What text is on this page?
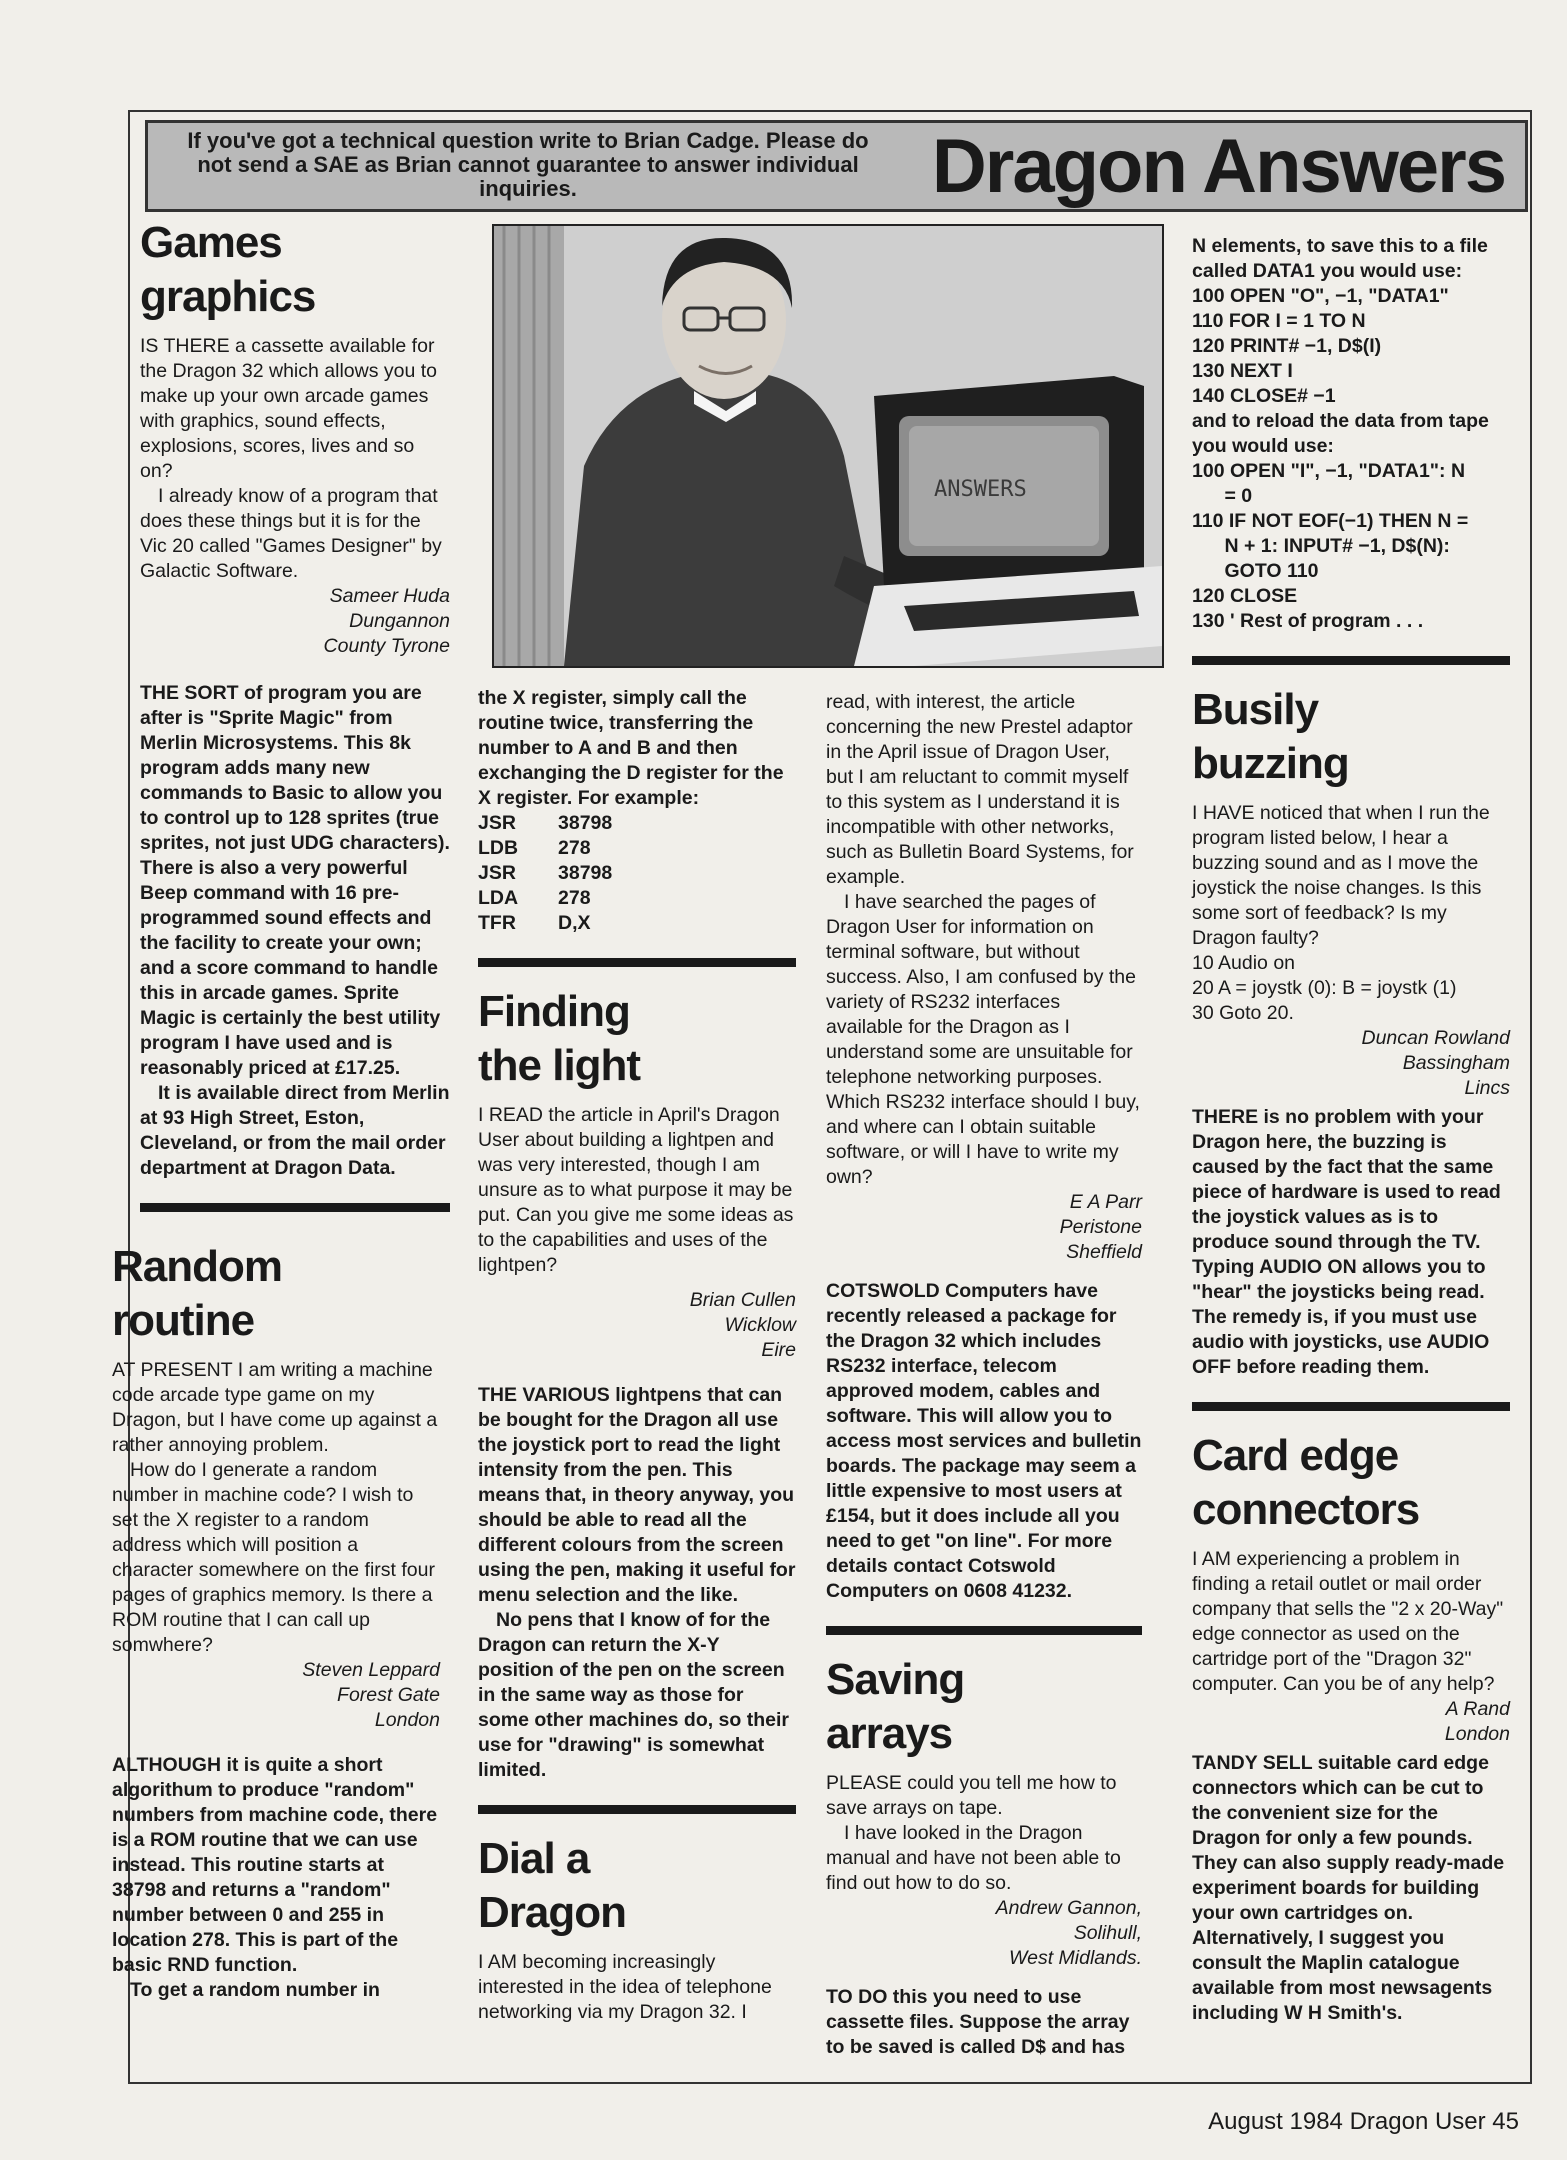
If you've got a technical question write to Brian Cadge. Please do not send a SAE as Brian cannot guarantee to answer individual inquiries.	Dragon Answers
ANSWERS
Games
graphics

IS THERE a cassette available for the Dragon 32 which allows you to make up your own arcade games with graphics, sound effects, explosions, scores, lives and so on?

I already know of a program that does these things but it is for the Vic 20 called "Games Designer" by Galactic Software.

Sameer Huda

Dungannon

County Tyrone

THE SORT of program you are after is "Sprite Magic" from Merlin Microsystems. This 8k program adds many new commands to Basic to allow you to control up to 128 sprites (true sprites, not just UDG characters). There is also a very powerful Beep command with 16 pre-programmed sound effects and the facility to create your own; and a score command to handle this in arcade games. Sprite Magic is certainly the best utility program I have used and is reasonably priced at £17.25.

It is available direct from Merlin at 93 High Street, Eston, Cleveland, or from the mail order department at Dragon Data.

Random
routine

AT PRESENT I am writing a machine code arcade type game on my Dragon, but I have come up against a rather annoying problem.

How do I generate a random number in machine code? I wish to set the X register to a random address which will position a character somewhere on the first four pages of graphics memory. Is there a ROM routine that I can call up somwhere?

Steven Leppard

Forest Gate

London

ALTHOUGH it is quite a short algorithum to produce "random" numbers from machine code, there is a ROM routine that we can use instead. This routine starts at 38798 and returns a "random" number between 0 and 255 in location 278. This is part of the basic RND function.

To get a random number in

the X register, simply call the routine twice, transferring the number to A and B and then exchanging the D register for the X register. For example:

JSR 38798
LDB 278
JSR 38798
LDA 278
TFR D,X
Finding
the light

I READ the article in April's Dragon User about building a lightpen and was very interested, though I am unsure as to what purpose it may be put. Can you give me some ideas as to the capabilities and uses of the lightpen?

Brian Cullen

Wicklow

Eire

THE VARIOUS lightpens that can be bought for the Dragon all use the joystick port to read the light intensity from the pen. This means that, in theory anyway, you should be able to read all the different colours from the screen using the pen, making it useful for menu selection and the like.

No pens that I know of for the Dragon can return the X-Y position of the pen on the screen in the same way as those for some other machines do, so their use for "drawing" is somewhat limited.

Dial a
Dragon

I AM becoming increasingly interested in the idea of telephone networking via my Dragon 32. I

read, with interest, the article concerning the new Prestel adaptor in the April issue of Dragon User, but I am reluctant to commit myself to this system as I understand it is incompatible with other networks, such as Bulletin Board Systems, for example.

I have searched the pages of Dragon User for information on terminal software, but without success. Also, I am confused by the variety of RS232 interfaces available for the Dragon as I understand some are unsuitable for telephone networking purposes. Which RS232 interface should I buy, and where can I obtain suitable software, or will I have to write my own?

E A Parr

Peristone

Sheffield

COTSWOLD Computers have recently released a package for the Dragon 32 which includes RS232 interface, telecom approved modem, cables and software. This will allow you to access most services and bulletin boards. The package may seem a little expensive to most users at £154, but it does include all you need to get "on line". For more details contact Cotswold Computers on 0608 41232.

Saving
arrays

PLEASE could you tell me how to save arrays on tape.

I have looked in the Dragon manual and have not been able to find out how to do so.

Andrew Gannon,

Solihull,

West Midlands.

TO DO this you need to use cassette files. Suppose the array to be saved is called D$ and has

N elements, to save this to a file called DATA1 you would use:

100 OPEN "O", −1, "DATA1"
110 FOR I = 1 TO N
120 PRINT# −1, D$(I)
130 NEXT I
140 CLOSE# −1

and to reload the data from tape you would use:

100 OPEN "I", −1, "DATA1": N
= 0
110 IF NOT EOF(−1) THEN N =
N + 1: INPUT# −1, D$(N):
GOTO 110
120 CLOSE
130 ' Rest of program . . .
Busily
buzzing

I HAVE noticed that when I run the program listed below, I hear a buzzing sound and as I move the joystick the noise changes. Is this some sort of feedback? Is my Dragon faulty?

10 Audio on
20 A = joystk (0): B = joystk (1)
30 Goto 20.

Duncan Rowland

Bassingham

Lincs

THERE is no problem with your Dragon here, the buzzing is caused by the fact that the same piece of hardware is used to read the joystick values as is to produce sound through the TV. Typing AUDIO ON allows you to "hear" the joysticks being read. The remedy is, if you must use audio with joysticks, use AUDIO OFF before reading them.

Card edge
connectors

I AM experiencing a problem in finding a retail outlet or mail order company that sells the "2 x 20-Way" edge connector as used on the cartridge port of the "Dragon 32" computer. Can you be of any help?

A Rand

London

TANDY SELL suitable card edge connectors which can be cut to the convenient size for the Dragon for only a few pounds. They can also supply ready-made experiment boards for building your own cartridges on. Alternatively, I suggest you consult the Maplin catalogue available from most newsagents including W H Smith's.

August 1984 Dragon User 45
